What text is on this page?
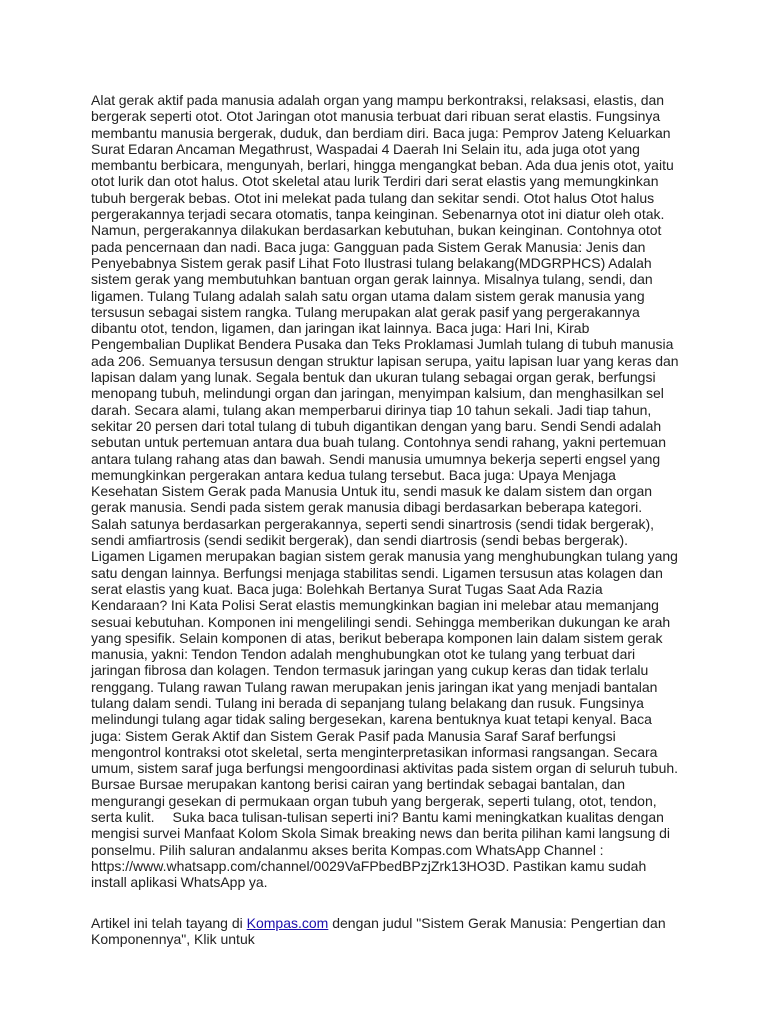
Alat gerak aktif pada manusia adalah organ yang mampu berkontraksi, relaksasi, elastis, dan bergerak seperti otot. Otot Jaringan otot manusia terbuat dari ribuan serat elastis. Fungsinya membantu manusia bergerak, duduk, dan berdiam diri. Baca juga: Pemprov Jateng Keluarkan Surat Edaran Ancaman Megathrust, Waspadai 4 Daerah Ini Selain itu, ada juga otot yang membantu berbicara, mengunyah, berlari, hingga mengangkat beban. Ada dua jenis otot, yaitu otot lurik dan otot halus. Otot skeletal atau lurik Terdiri dari serat elastis yang memungkinkan tubuh bergerak bebas. Otot ini melekat pada tulang dan sekitar sendi. Otot halus Otot halus pergerakannya terjadi secara otomatis, tanpa keinginan. Sebenarnya otot ini diatur oleh otak. Namun, pergerakannya dilakukan berdasarkan kebutuhan, bukan keinginan. Contohnya otot pada pencernaan dan nadi. Baca juga: Gangguan pada Sistem Gerak Manusia: Jenis dan Penyebabnya Sistem gerak pasif Lihat Foto Ilustrasi tulang belakang(MDGRPHCS) Adalah sistem gerak yang membutuhkan bantuan organ gerak lainnya. Misalnya tulang, sendi, dan ligamen. Tulang Tulang adalah salah satu organ utama dalam sistem gerak manusia yang tersusun sebagai sistem rangka. Tulang merupakan alat gerak pasif yang pergerakannya dibantu otot, tendon, ligamen, dan jaringan ikat lainnya. Baca juga: Hari Ini, Kirab Pengembalian Duplikat Bendera Pusaka dan Teks Proklamasi Jumlah tulang di tubuh manusia ada 206. Semuanya tersusun dengan struktur lapisan serupa, yaitu lapisan luar yang keras dan lapisan dalam yang lunak. Segala bentuk dan ukuran tulang sebagai organ gerak, berfungsi menopang tubuh, melindungi organ dan jaringan, menyimpan kalsium, dan menghasilkan sel darah. Secara alami, tulang akan memperbarui dirinya tiap 10 tahun sekali. Jadi tiap tahun, sekitar 20 persen dari total tulang di tubuh digantikan dengan yang baru. Sendi Sendi adalah sebutan untuk pertemuan antara dua buah tulang. Contohnya sendi rahang, yakni pertemuan antara tulang rahang atas dan bawah. Sendi manusia umumnya bekerja seperti engsel yang memungkinkan pergerakan antara kedua tulang tersebut. Baca juga: Upaya Menjaga Kesehatan Sistem Gerak pada Manusia Untuk itu, sendi masuk ke dalam sistem dan organ gerak manusia. Sendi pada sistem gerak manusia dibagi berdasarkan beberapa kategori. Salah satunya berdasarkan pergerakannya, seperti sendi sinartrosis (sendi tidak bergerak), sendi amfiartrosis (sendi sedikit bergerak), dan sendi diartrosis (sendi bebas bergerak). Ligamen Ligamen merupakan bagian sistem gerak manusia yang menghubungkan tulang yang satu dengan lainnya. Berfungsi menjaga stabilitas sendi. Ligamen tersusun atas kolagen dan serat elastis yang kuat. Baca juga: Bolehkah Bertanya Surat Tugas Saat Ada Razia Kendaraan? Ini Kata Polisi Serat elastis memungkinkan bagian ini melebar atau memanjang sesuai kebutuhan. Komponen ini mengelilingi sendi. Sehingga memberikan dukungan ke arah yang spesifik. Selain komponen di atas, berikut beberapa komponen lain dalam sistem gerak manusia, yakni: Tendon Tendon adalah menghubungkan otot ke tulang yang terbuat dari jaringan fibrosa dan kolagen. Tendon termasuk jaringan yang cukup keras dan tidak terlalu renggang. Tulang rawan Tulang rawan merupakan jenis jaringan ikat yang menjadi bantalan tulang dalam sendi. Tulang ini berada di sepanjang tulang belakang dan rusuk. Fungsinya melindungi tulang agar tidak saling bergesekan, karena bentuknya kuat tetapi kenyal. Baca juga: Sistem Gerak Aktif dan Sistem Gerak Pasif pada Manusia Saraf Saraf berfungsi mengontrol kontraksi otot skeletal, serta menginterpretasikan informasi rangsangan. Secara umum, sistem saraf juga berfungsi mengoordinasi aktivitas pada sistem organ di seluruh tubuh. Bursae Bursae merupakan kantong berisi cairan yang bertindak sebagai bantalan, dan mengurangi gesekan di permukaan organ tubuh yang bergerak, seperti tulang, otot, tendon, serta kulit.     Suka baca tulisan-tulisan seperti ini? Bantu kami meningkatkan kualitas dengan mengisi survei Manfaat Kolom Skola Simak breaking news dan berita pilihan kami langsung di ponselmu. Pilih saluran andalanmu akses berita Kompas.com WhatsApp Channel : https://www.whatsapp.com/channel/0029VaFPbedBPzjZrk13HO3D. Pastikan kamu sudah install aplikasi WhatsApp ya.

Artikel ini telah tayang di Kompas.com dengan judul "Sistem Gerak Manusia: Pengertian dan Komponennya", Klik untuk
